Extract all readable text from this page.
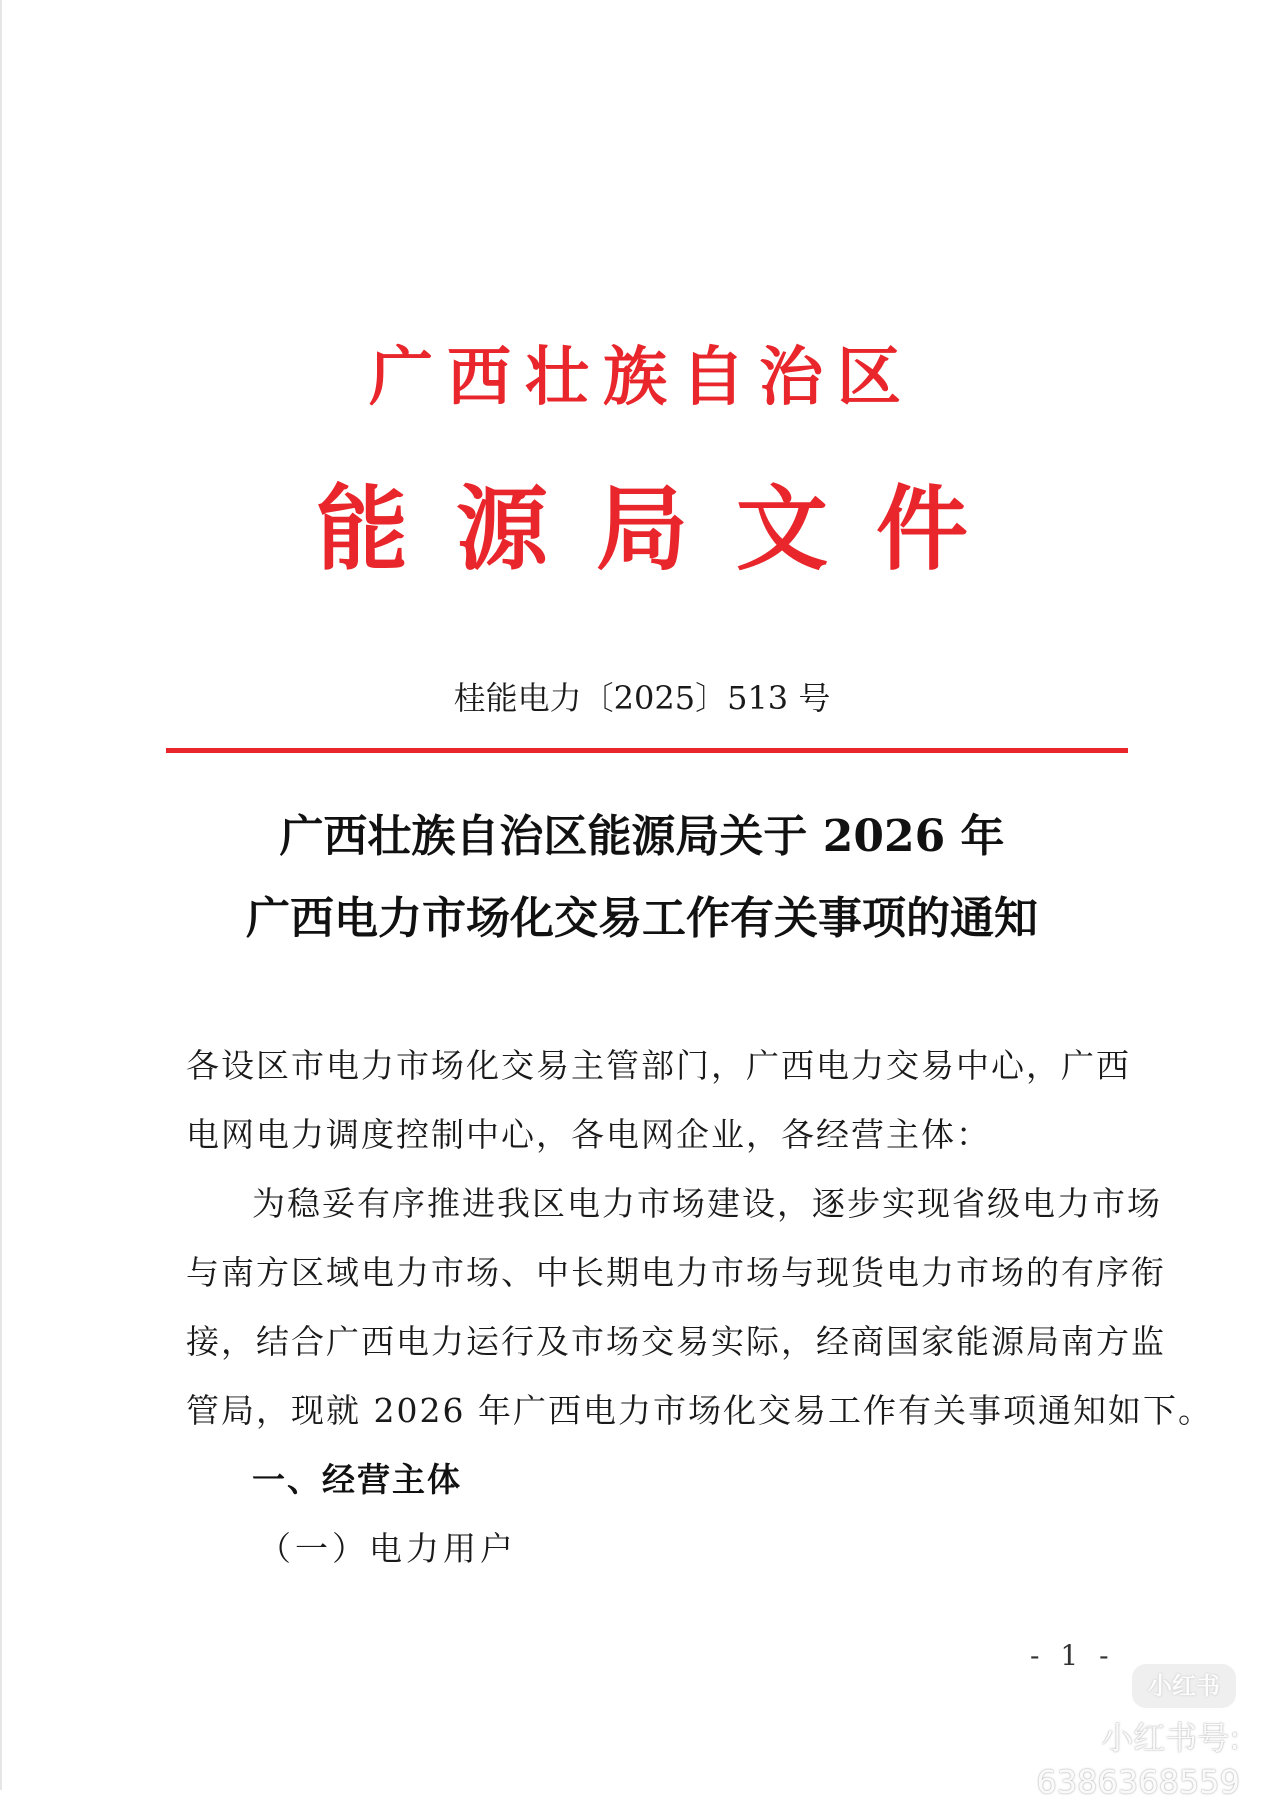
广西壮族自治区
能源局文件
桂能电力〔2025〕513 号
广西壮族自治区能源局关于 2026 年
广西电力市场化交易工作有关事项的通知
各设区市电力市场化交易主管部门，广西电力交易中心，广西
电网电力调度控制中心，各电网企业，各经营主体：
为稳妥有序推进我区电力市场建设，逐步实现省级电力市场
与南方区域电力市场、中长期电力市场与现货电力市场的有序衔
接，结合广西电力运行及市场交易实际，经商国家能源局南方监
管局，现就 2026 年广西电力市场化交易工作有关事项通知如下。
一、经营主体
（一）电力用户
- 1 -
小红书
小红书号: 6386368559
